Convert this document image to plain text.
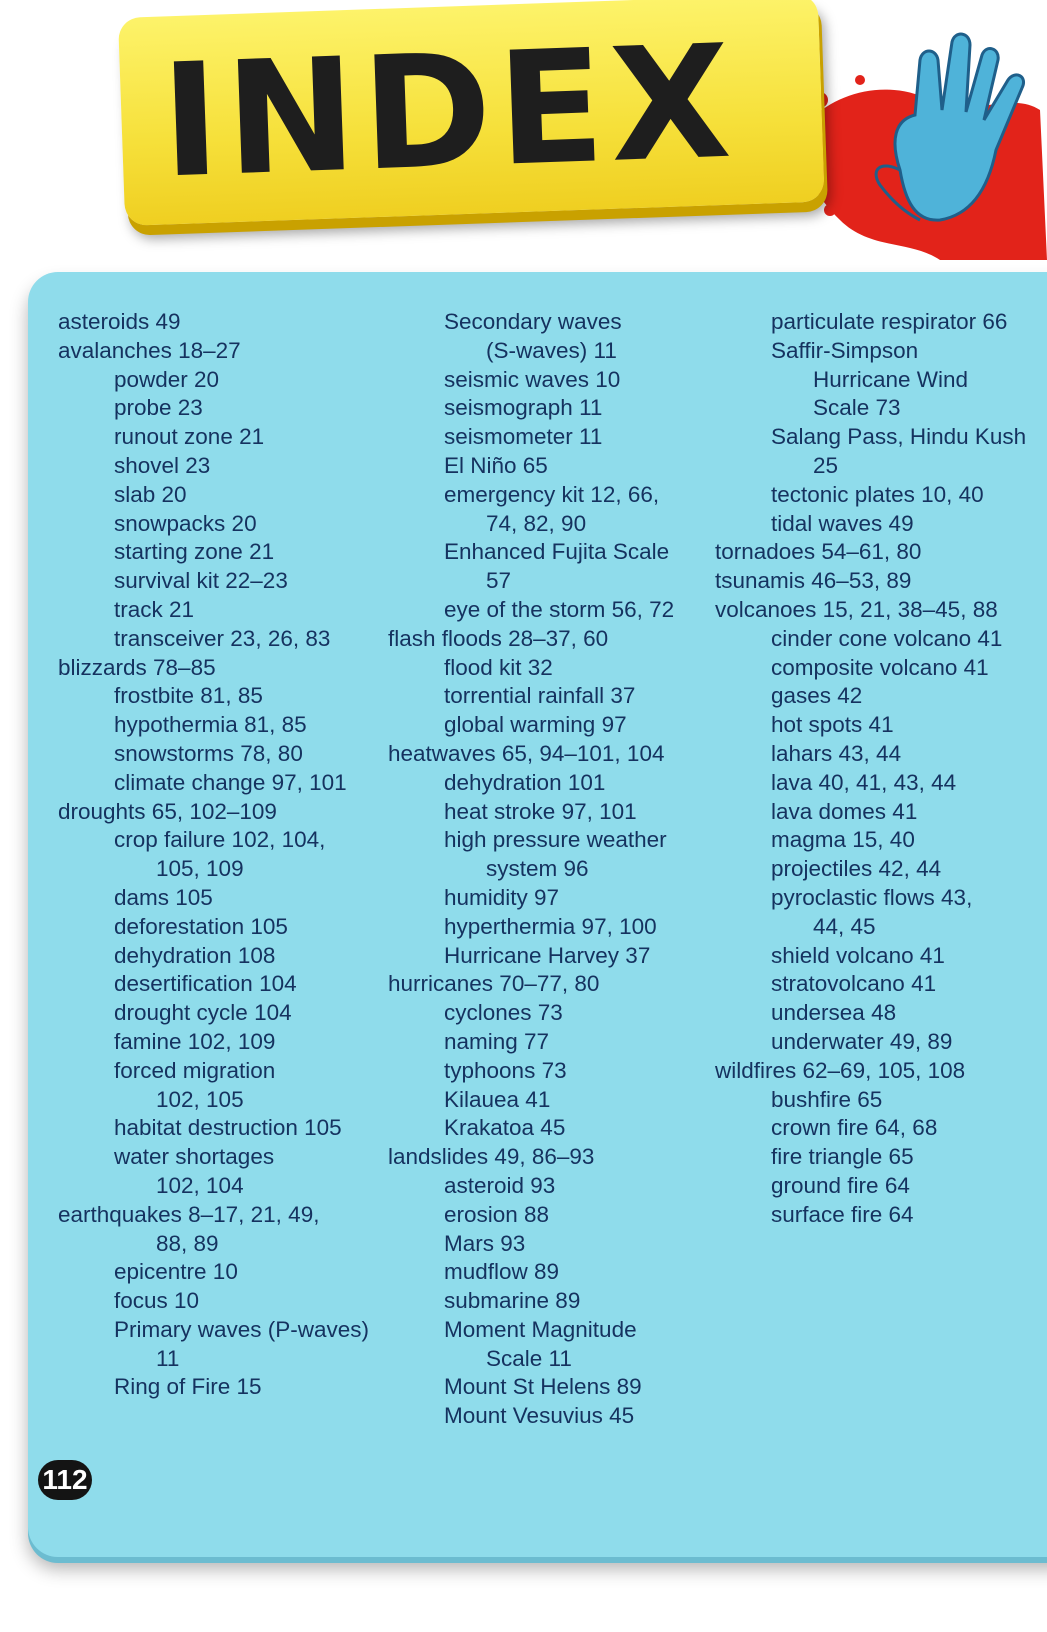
INDEX
asteroids 49
avalanches 18–27
powder 20
probe 23
runout zone 21
shovel 23
slab 20
snowpacks 20
starting zone 21
survival kit 22–23
track 21
transceiver 23, 26, 83
blizzards 78–85
frostbite 81, 85
hypothermia 81, 85
snowstorms 78, 80
climate change 97, 101
droughts 65, 102–109
crop failure 102, 104,
105, 109
dams 105
deforestation 105
dehydration 108
desertification 104
drought cycle 104
famine 102, 109
forced migration
102, 105
habitat destruction 105
water shortages
102, 104
earthquakes 8–17, 21, 49,
88, 89
epicentre 10
focus 10
Primary waves (P-waves)
11
Ring of Fire 15
Secondary waves
(S-waves) 11
seismic waves 10
seismograph 11
seismometer 11
El Niño 65
emergency kit 12, 66,
74, 82, 90
Enhanced Fujita Scale
57
eye of the storm 56, 72
flash floods 28–37, 60
flood kit 32
torrential rainfall 37
global warming 97
heatwaves 65, 94–101, 104
dehydration 101
heat stroke 97, 101
high pressure weather
system 96
humidity 97
hyperthermia 97, 100
Hurricane Harvey 37
hurricanes 70–77, 80
cyclones 73
naming 77
typhoons 73
Kilauea 41
Krakatoa 45
landslides 49, 86–93
asteroid 93
erosion 88
Mars 93
mudflow 89
submarine 89
Moment Magnitude
Scale 11
Mount St Helens 89
Mount Vesuvius 45
particulate respirator 66
Saffir-Simpson
Hurricane Wind
Scale 73
Salang Pass, Hindu Kush
25
tectonic plates 10, 40
tidal waves 49
tornadoes 54–61, 80
tsunamis 46–53, 89
volcanoes 15, 21, 38–45, 88
cinder cone volcano 41
composite volcano 41
gases 42
hot spots 41
lahars 43, 44
lava 40, 41, 43, 44
lava domes 41
magma 15, 40
projectiles 42, 44
pyroclastic flows 43,
44, 45
shield volcano 41
stratovolcano 41
undersea 48
underwater 49, 89
wildfires 62–69, 105, 108
bushfire 65
crown fire 64, 68
fire triangle 65
ground fire 64
surface fire 64
112
